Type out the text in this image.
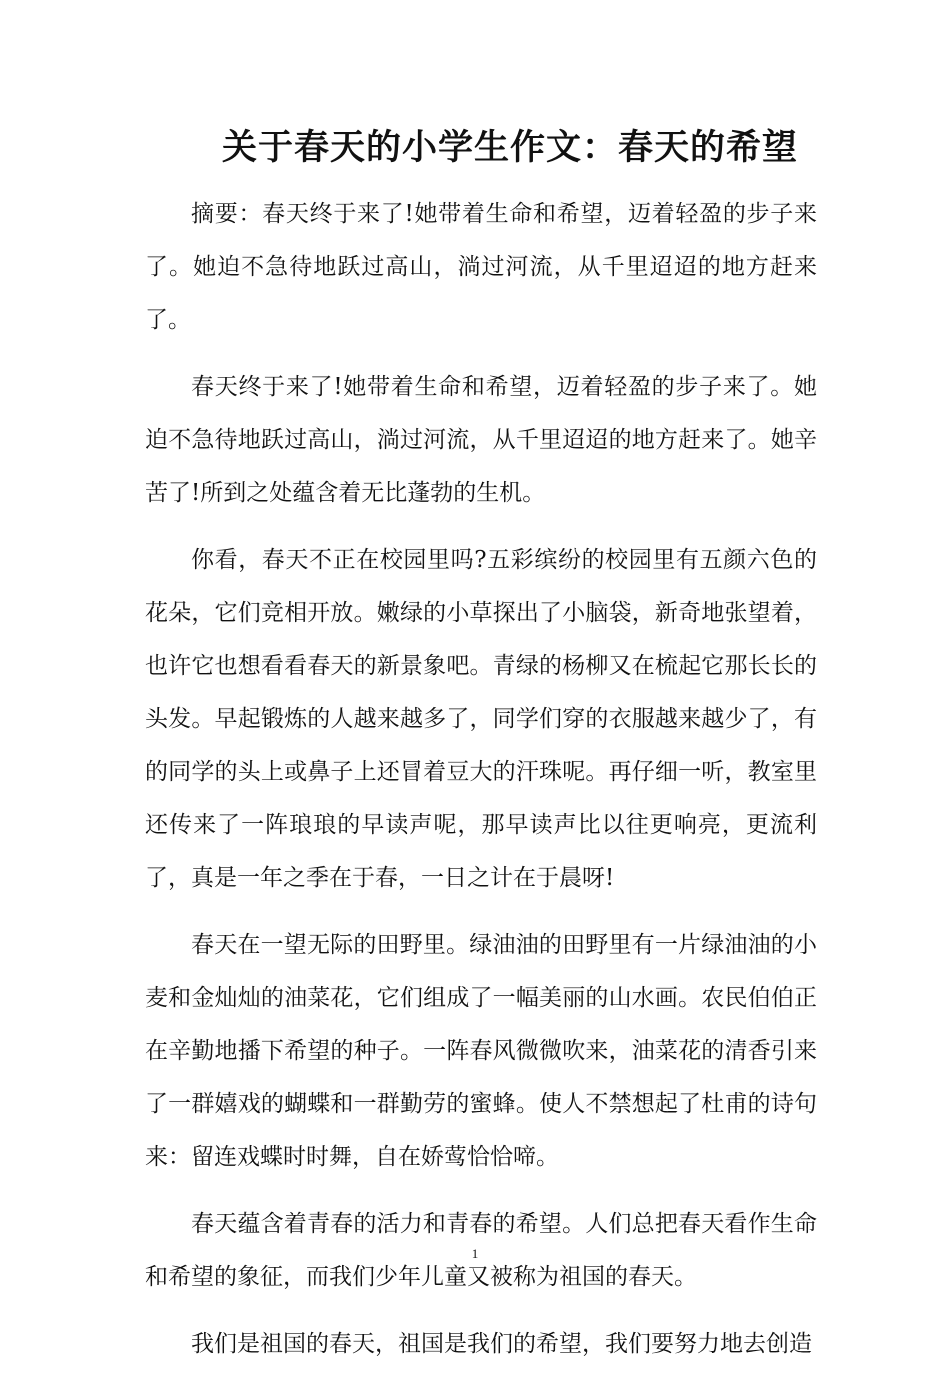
关于春天的小学生作文：春天的希望

摘要：春天终于来了!她带着生命和希望，迈着轻盈的步子来了。她迫不急待地跃过高山，淌过河流，从千里迢迢的地方赶来了。

春天终于来了!她带着生命和希望，迈着轻盈的步子来了。她迫不急待地跃过高山，淌过河流，从千里迢迢的地方赶来了。她辛苦了!所到之处蕴含着无比蓬勃的生机。

你看，春天不正在校园里吗?五彩缤纷的校园里有五颜六色的花朵，它们竞相开放。嫩绿的小草探出了小脑袋，新奇地张望着，也许它也想看看春天的新景象吧。青绿的杨柳又在梳起它那长长的头发。早起锻炼的人越来越多了，同学们穿的衣服越来越少了，有的同学的头上或鼻子上还冒着豆大的汗珠呢。再仔细一听，教室里还传来了一阵琅琅的早读声呢，那早读声比以往更响亮，更流利了，真是一年之季在于春，一日之计在于晨呀!

春天在一望无际的田野里。绿油油的田野里有一片绿油油的小麦和金灿灿的油菜花，它们组成了一幅美丽的山水画。农民伯伯正在辛勤地播下希望的种子。一阵春风微微吹来，油菜花的清香引来了一群嬉戏的蝴蝶和一群勤劳的蜜蜂。使人不禁想起了杜甫的诗句来：留连戏蝶时时舞，自在娇莺恰恰啼。

春天蕴含着青春的活力和青春的希望。人们总把春天看作生命和希望的象征，而我们少年儿童又被称为祖国的春天。

我们是祖国的春天，祖国是我们的希望，我们要努力地去创造

1
